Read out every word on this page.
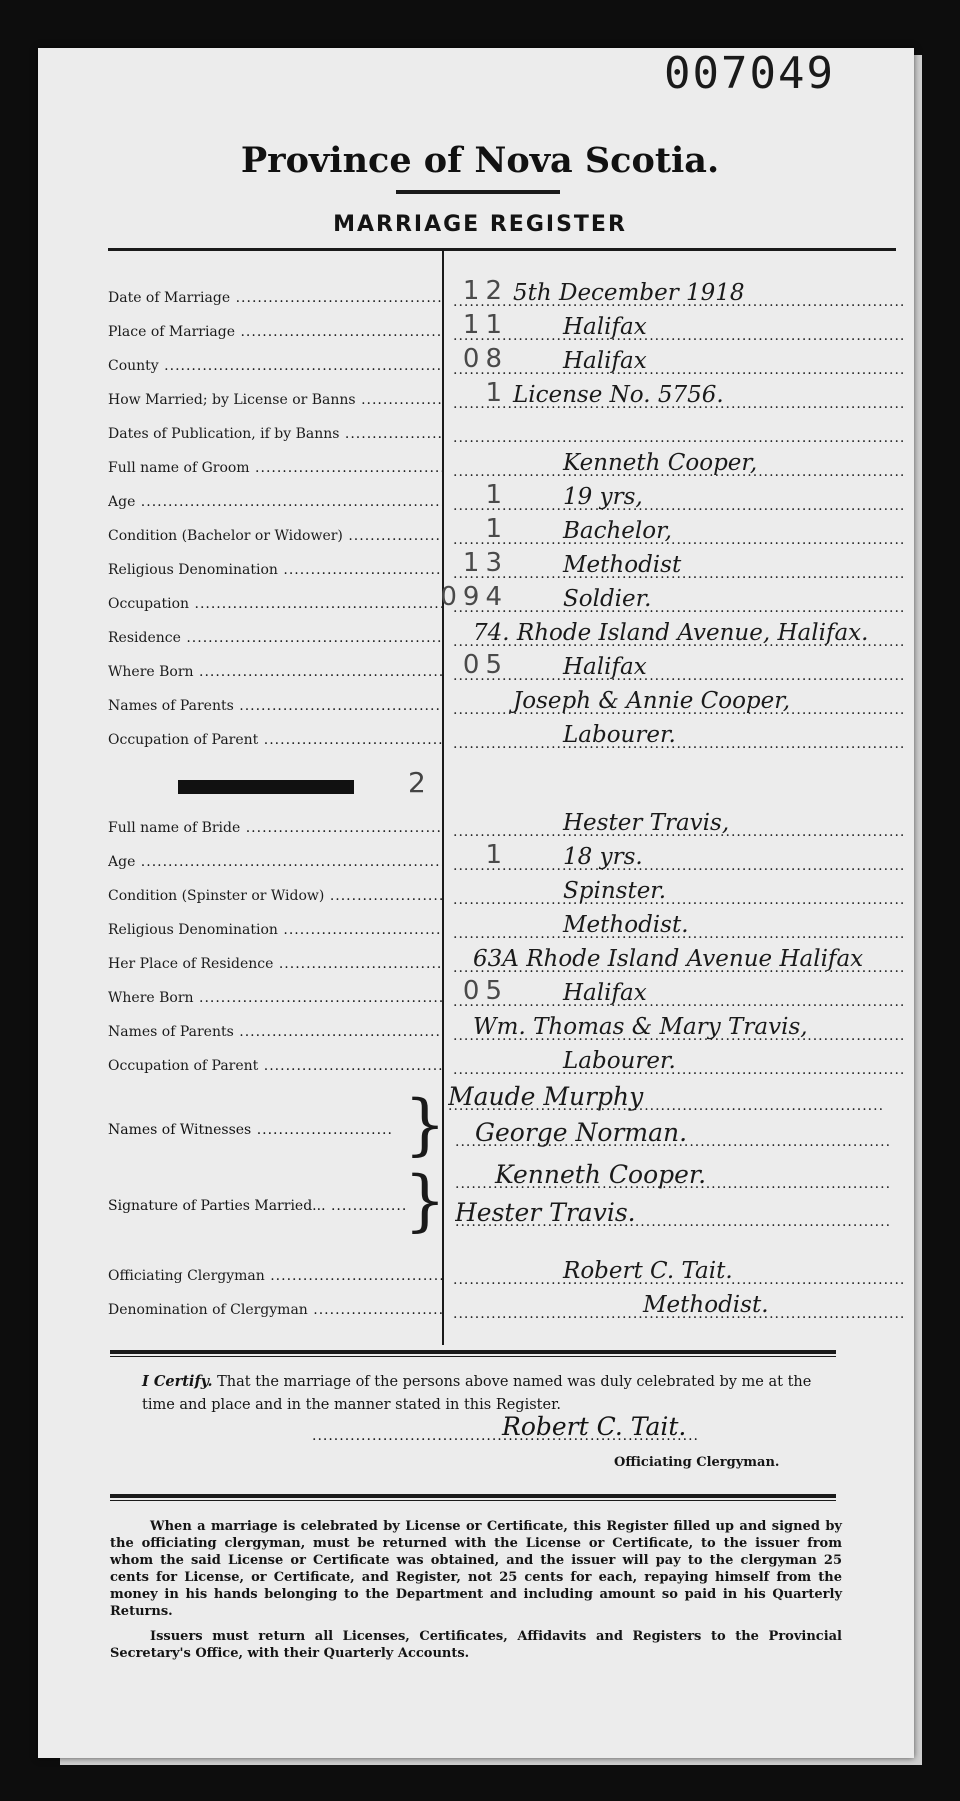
007049
Province of Nova Scotia.
MARRIAGE REGISTER
Date of Marriage .....	12 ..... 5th December 1918
Place of Marriage .....	11	..... Halifax
County .....	08	..... Halifax
How Married; by License or Banns .....	1 ..... License No. 5756.
Dates of Publication, if by Banns .....
.....
Full name of Groom .....	..... Kenneth Cooper,
Age .....	1	..... 19 yrs,
Condition (Bachelor or Widower) .....	1	..... Bachelor,
Religious Denomination .....	13	..... Methodist
Occupation .....	094	..... Soldier.
Residence .....	..... 74. Rhode Island Avenue, Halifax.
Where Born .....	05	..... Halifax
Names of Parents .....	..... Joseph & Annie Cooper,
Occupation of Parent .....	..... Labourer.
Full name of Bride .....	..... Hester Travis,
Age .....	1	..... 18 yrs.
Condition (Spinster or Widow) .....	..... Spinster.
Religious Denomination .....	..... Methodist.
Her Place of Residence .....	..... 63A Rhode Island Avenue Halifax
Where Born .....	05	..... Halifax
Names of Parents .....	..... Wm. Thomas & Mary Travis,
Occupation of Parent .....	..... Labourer.
Officiating Clergyman .....	..... Robert C. Tait.
Denomination of Clergyman .....	..... Methodist.
2
Names of Witnesses .....	} ..... Maude Murphy
..... George Norman.
Signature of Parties Married... .....	}	..... Kenneth Cooper.
..... Hester Travis.
I Certify. That the marriage of the persons above named was duly celebrated by me at the time and place and in the manner stated in this Register.
..... Robert C. Tait.
Officiating Clergyman.

When a marriage is celebrated by License or Certificate, this Register filled up and signed by the officiating clergyman, must be returned with the License or Certificate, to the issuer from whom the said License or Certificate was obtained, and the issuer will pay to the clergyman 25 cents for License, or Certificate, and Register, not 25 cents for each, repaying himself from the money in his hands belonging to the Department and including amount so paid in his Quarterly Returns.

Issuers must return all Licenses, Certificates, Affidavits and Registers to the Provincial Secretary's Office, with their Quarterly Accounts.
